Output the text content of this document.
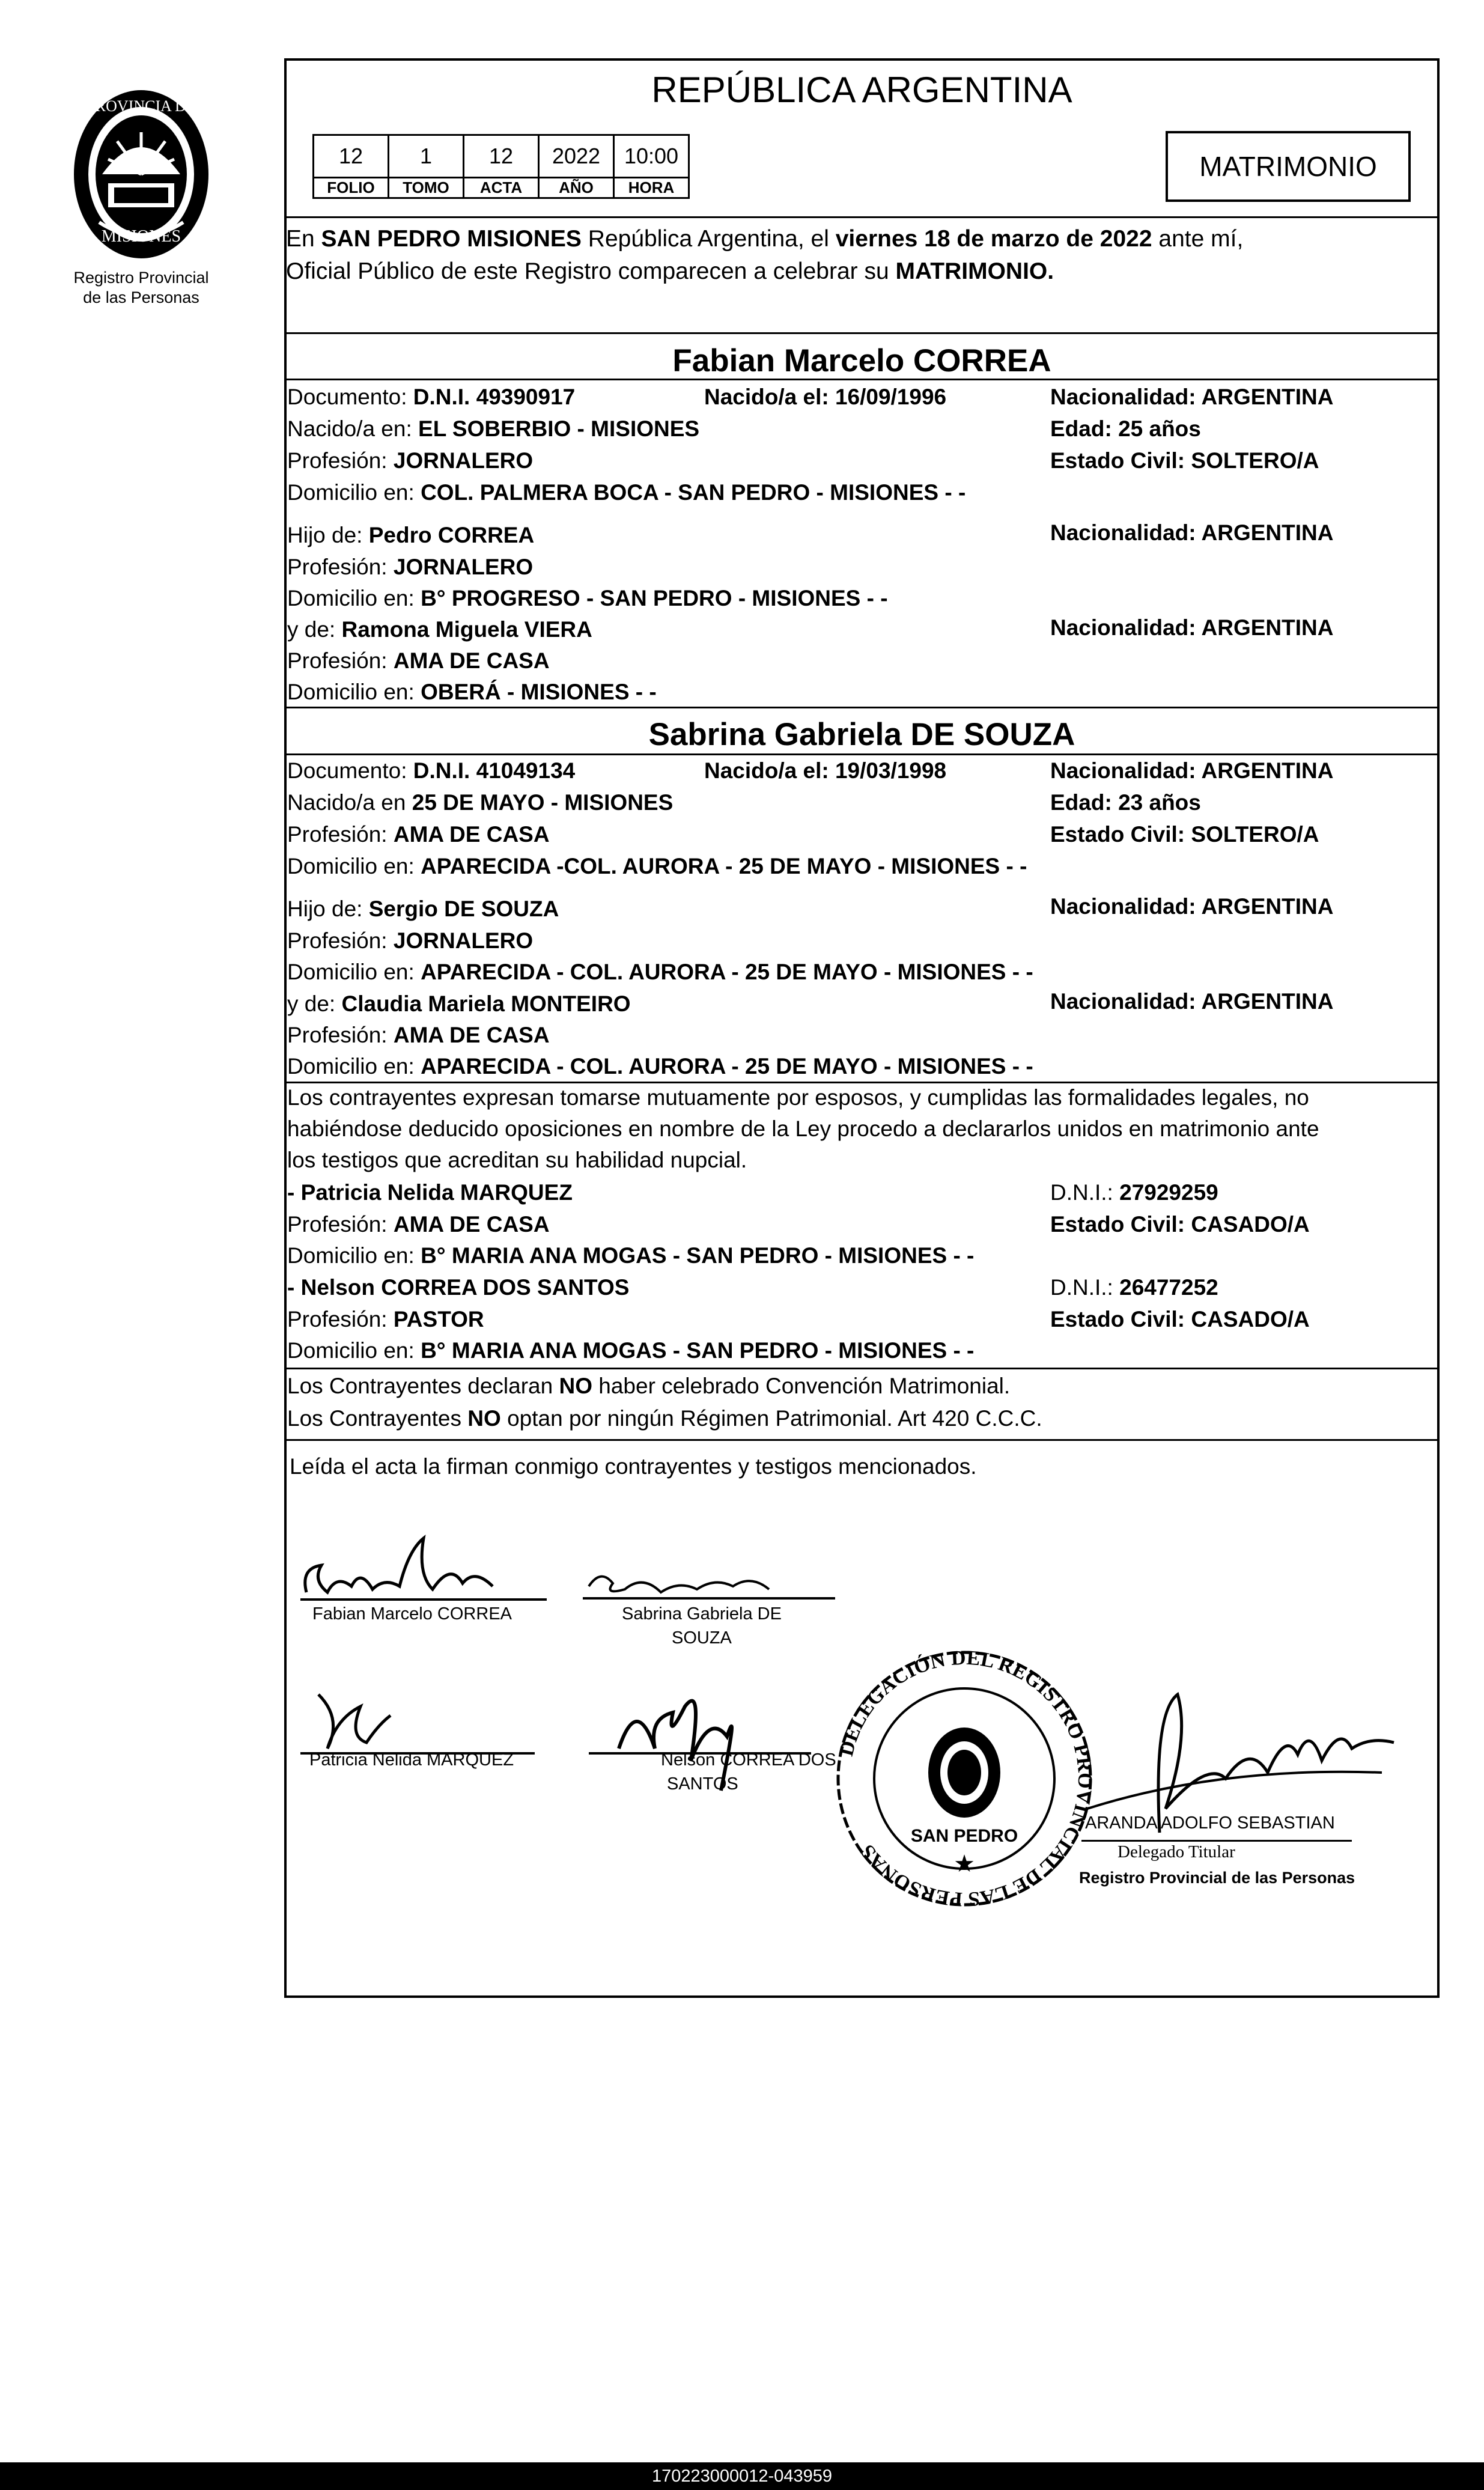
PROVINCIA DE
MISIONES
Registro Provincial
de las Personas
REPÚBLICA ARGENTINA
12	1	12	2022	10:00
FOLIO	TOMO	ACTA	AÑO	HORA
MATRIMONIO
En SAN PEDRO MISIONES República Argentina, el viernes 18 de marzo de 2022 ante mí,
Oficial Público de este Registro comparecen a celebrar su MATRIMONIO.
Fabian Marcelo CORREA
Documento: D.N.I. 49390917	Nacido/a el: 16/09/1996	Nacionalidad: ARGENTINA
Nacido/a en: EL SOBERBIO - MISIONES	Edad: 25 años
Profesión: JORNALERO	Estado Civil: SOLTERO/A
Domicilio en: COL. PALMERA BOCA - SAN PEDRO - MISIONES - -
Hijo de: Pedro CORREA	Nacionalidad: ARGENTINA
Profesión: JORNALERO
Domicilio en: B° PROGRESO - SAN PEDRO - MISIONES - -
y de: Ramona Miguela VIERA	Nacionalidad: ARGENTINA
Profesión: AMA DE CASA
Domicilio en: OBERÁ - MISIONES - -
Sabrina Gabriela DE SOUZA
Documento: D.N.I. 41049134	Nacido/a el: 19/03/1998	Nacionalidad: ARGENTINA
Nacido/a en 25 DE MAYO - MISIONES	Edad: 23 años
Profesión: AMA DE CASA	Estado Civil: SOLTERO/A
Domicilio en: APARECIDA -COL. AURORA - 25 DE MAYO - MISIONES - -
Hijo de: Sergio DE SOUZA	Nacionalidad: ARGENTINA
Profesión: JORNALERO
Domicilio en: APARECIDA - COL. AURORA - 25 DE MAYO - MISIONES - -
y de: Claudia Mariela MONTEIRO	Nacionalidad: ARGENTINA
Profesión: AMA DE CASA
Domicilio en: APARECIDA - COL. AURORA - 25 DE MAYO - MISIONES - -
Los contrayentes expresan tomarse mutuamente por esposos, y cumplidas las formalidades legales, no
habiéndose deducido oposiciones en nombre de la Ley procedo a declararlos unidos en matrimonio ante
los testigos que acreditan su habilidad nupcial.
- Patricia Nelida MARQUEZ	D.N.I.: 27929259
Profesión: AMA DE CASA	Estado Civil: CASADO/A
Domicilio en: B° MARIA ANA MOGAS - SAN PEDRO - MISIONES - -
- Nelson CORREA DOS SANTOS	D.N.I.: 26477252
Profesión: PASTOR	Estado Civil: CASADO/A
Domicilio en: B° MARIA ANA MOGAS - SAN PEDRO - MISIONES - -
Los Contrayentes declaran NO haber celebrado Convención Matrimonial.
Los Contrayentes NO optan por ningún Régimen Patrimonial. Art 420 C.C.C.
Leída el acta la firman conmigo contrayentes y testigos mencionados.
Fabian Marcelo CORREA	Sabrina Gabriela DE
SOUZA
Patricia Nelida MARQUEZ	Nelson CORREA DOS
SANTOS
DELEGACIÓN DEL REGISTRO PROVINCIAL DE LAS PERSONAS
SAN PEDRO
★
ARANDA ADOLFO SEBASTIAN
Delegado Titular
Registro Provincial de las Personas
170223000012-043959
